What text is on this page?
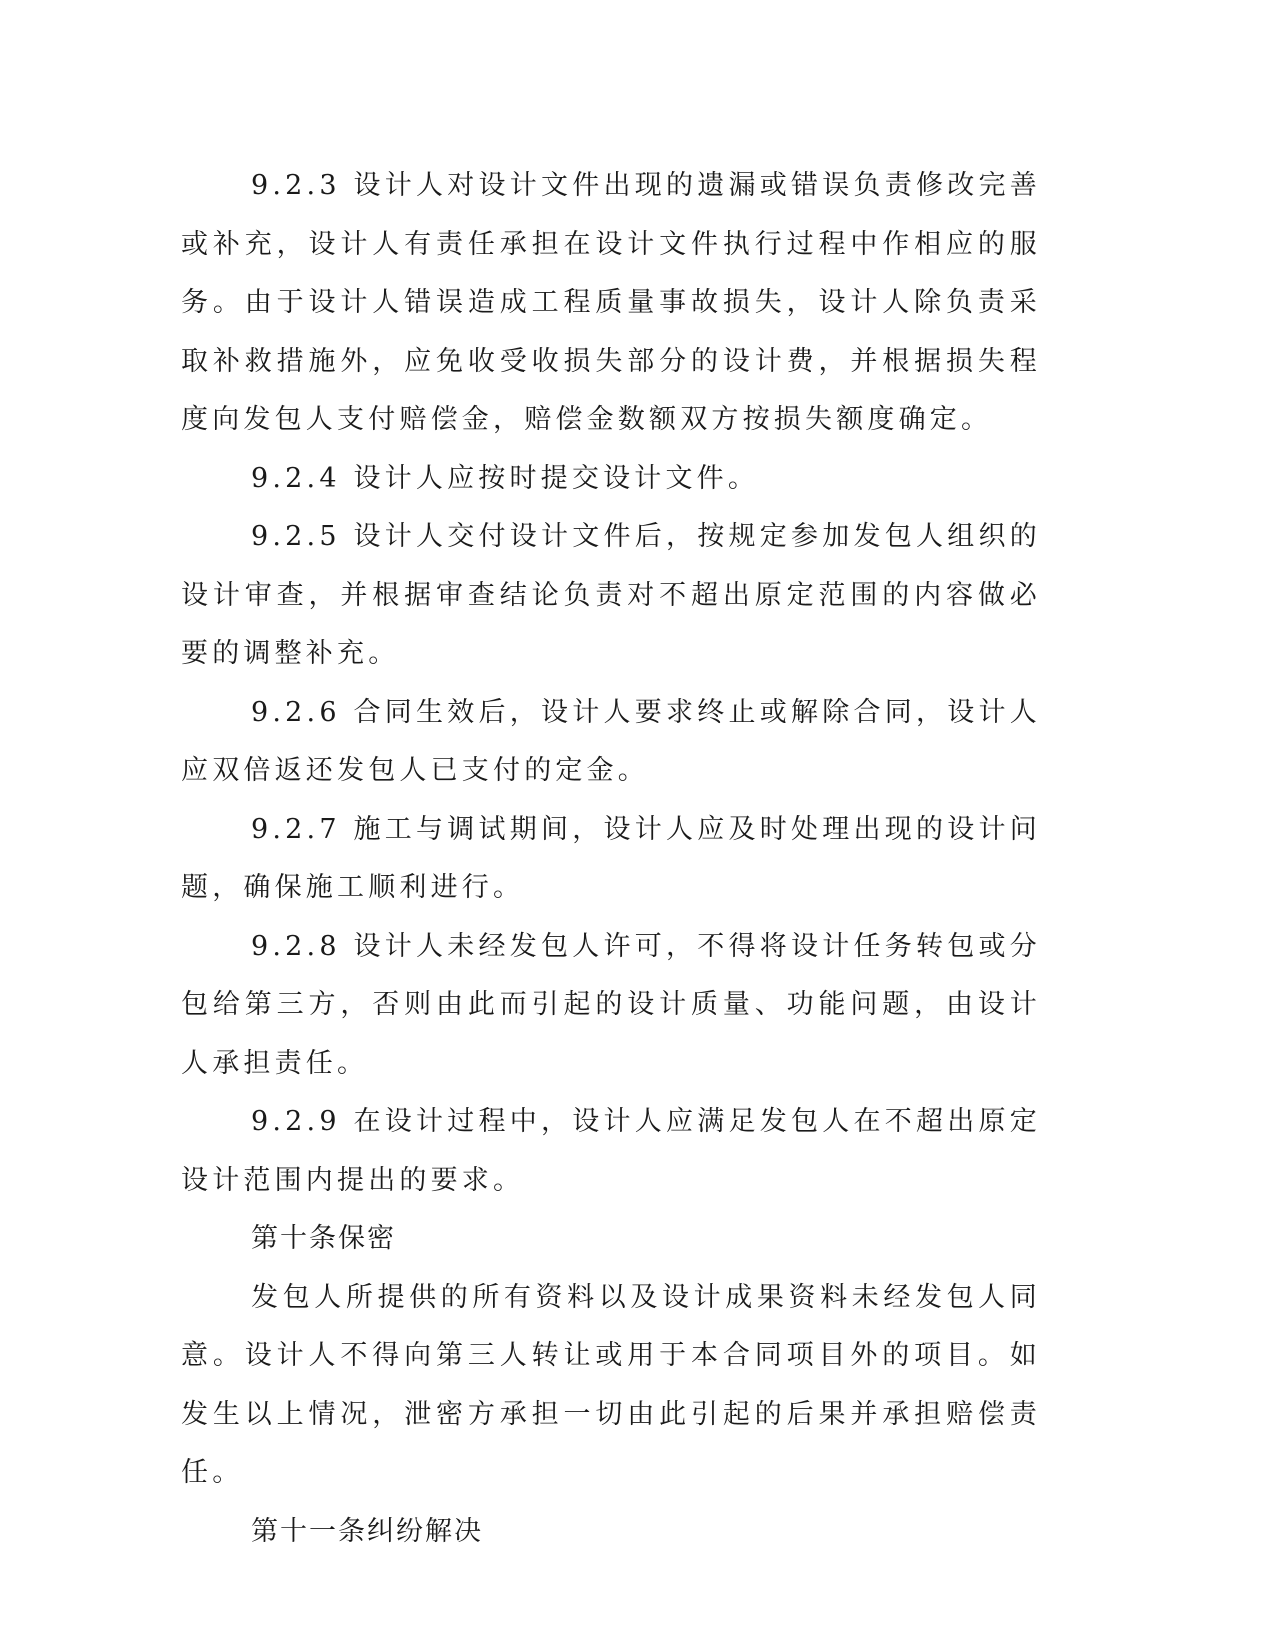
9.2.3 设计人对设计文件出现的遗漏或错误负责修改完善或补充，设计人有责任承担在设计文件执行过程中作相应的服务。由于设计人错误造成工程质量事故损失，设计人除负责采取补救措施外，应免收受收损失部分的设计费，并根据损失程度向发包人支付赔偿金，赔偿金数额双方按损失额度确定。

9.2.4 设计人应按时提交设计文件。

9.2.5 设计人交付设计文件后，按规定参加发包人组织的设计审查，并根据审查结论负责对不超出原定范围的内容做必要的调整补充。

9.2.6 合同生效后，设计人要求终止或解除合同，设计人应双倍返还发包人已支付的定金。

9.2.7 施工与调试期间，设计人应及时处理出现的设计问题，确保施工顺利进行。

9.2.8 设计人未经发包人许可，不得将设计任务转包或分包给第三方，否则由此而引起的设计质量、功能问题，由设计人承担责任。

9.2.9 在设计过程中，设计人应满足发包人在不超出原定设计范围内提出的要求。

第十条保密

发包人所提供的所有资料以及设计成果资料未经发包人同意。设计人不得向第三人转让或用于本合同项目外的项目。如发生以上情况，泄密方承担一切由此引起的后果并承担赔偿责任。

第十一条纠纷解决
